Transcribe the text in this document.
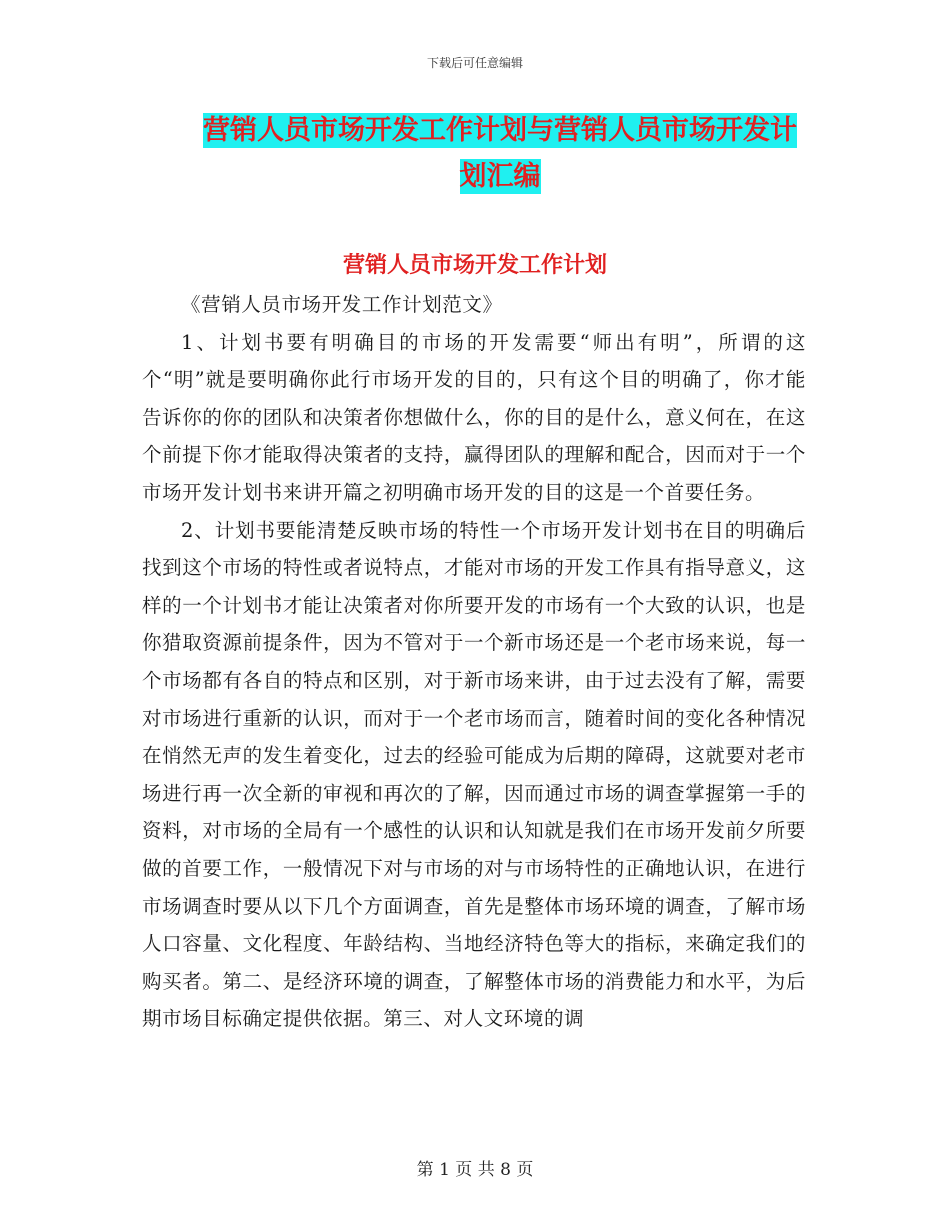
下载后可任意编辑
营销人员市场开发工作计划与营销人员市场开发计划汇编
营销人员市场开发工作计划

《营销人员市场开发工作计划范文》

1、计划书要有明确目的市场的开发需要“师出有明”，所谓的这个“明”就是要明确你此行市场开发的目的，只有这个目的明确了，你才能告诉你的你的团队和决策者你想做什么，你的目的是什么，意义何在，在这个前提下你才能取得决策者的支持，赢得团队的理解和配合，因而对于一个市场开发计划书来讲开篇之初明确市场开发的目的这是一个首要任务。

2、计划书要能清楚反映市场的特性一个市场开发计划书在目的明确后找到这个市场的特性或者说特点，才能对市场的开发工作具有指导意义，这样的一个计划书才能让决策者对你所要开发的市场有一个大致的认识，也是你猎取资源前提条件，因为不管对于一个新市场还是一个老市场来说，每一个市场都有各自的特点和区别，对于新市场来讲，由于过去没有了解，需要对市场进行重新的认识，而对于一个老市场而言，随着时间的变化各种情况在悄然无声的发生着变化，过去的经验可能成为后期的障碍，这就要对老市场进行再一次全新的审视和再次的了解，因而通过市场的调查掌握第一手的资料，对市场的全局有一个感性的认识和认知就是我们在市场开发前夕所要做的首要工作，一般情况下对与市场的对与市场特性的正确地认识，在进行市场调查时要从以下几个方面调查，首先是整体市场环境的调查，了解市场人口容量、文化程度、年龄结构、当地经济特色等大的指标，来确定我们的购买者。第二、是经济环境的调查，了解整体市场的消费能力和水平，为后期市场目标确定提供依据。第三、对人文环境的调

第 1 页 共 8 页
